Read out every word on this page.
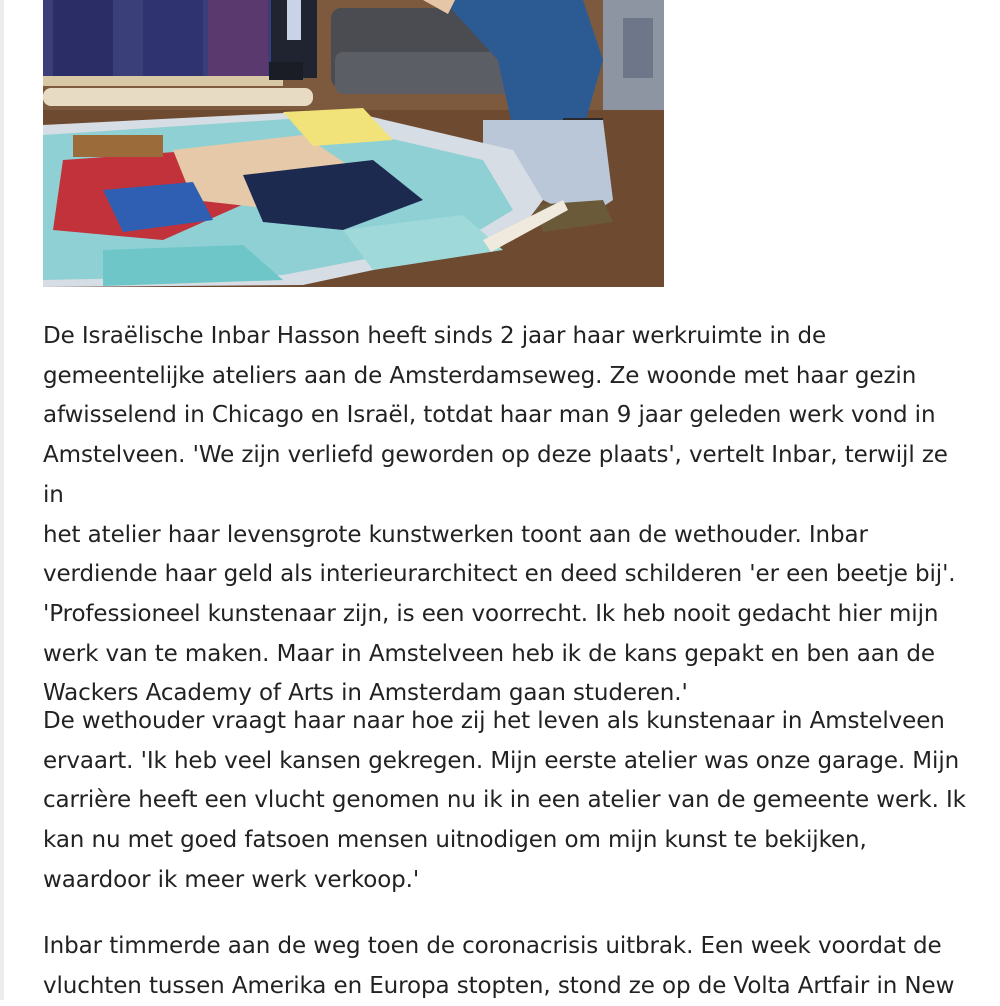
De Israëlische Inbar Hasson heeft sinds 2 jaar haar werkruimte in de
gemeentelijke ateliers aan de Amsterdamseweg. Ze woonde met haar gezin
afwisselend in Chicago en Israël, totdat haar man 9 jaar geleden werk vond in
Amstelveen. 'We zijn verliefd geworden op deze plaats', vertelt Inbar, terwijl ze in
het atelier haar levensgrote kunstwerken toont aan de wethouder. Inbar
verdiende haar geld als interieurarchitect en deed schilderen 'er een beetje bij'.
'Professioneel kunstenaar zijn, is een voorrecht. Ik heb nooit gedacht hier mijn
werk van te maken. Maar in Amstelveen heb ik de kans gepakt en ben aan de
Wackers Academy of Arts in Amsterdam gaan studeren.'

De wethouder vraagt haar naar hoe zij het leven als kunstenaar in Amstelveen
ervaart. 'Ik heb veel kansen gekregen. Mijn eerste atelier was onze garage. Mijn
carrière heeft een vlucht genomen nu ik in een atelier van de gemeente werk. Ik
kan nu met goed fatsoen mensen uitnodigen om mijn kunst te bekijken,
waardoor ik meer werk verkoop.'

Inbar timmerde aan de weg toen de coronacrisis uitbrak. Een week voordat de
vluchten tussen Amerika en Europa stopten, stond ze op de Volta Artfair in New
